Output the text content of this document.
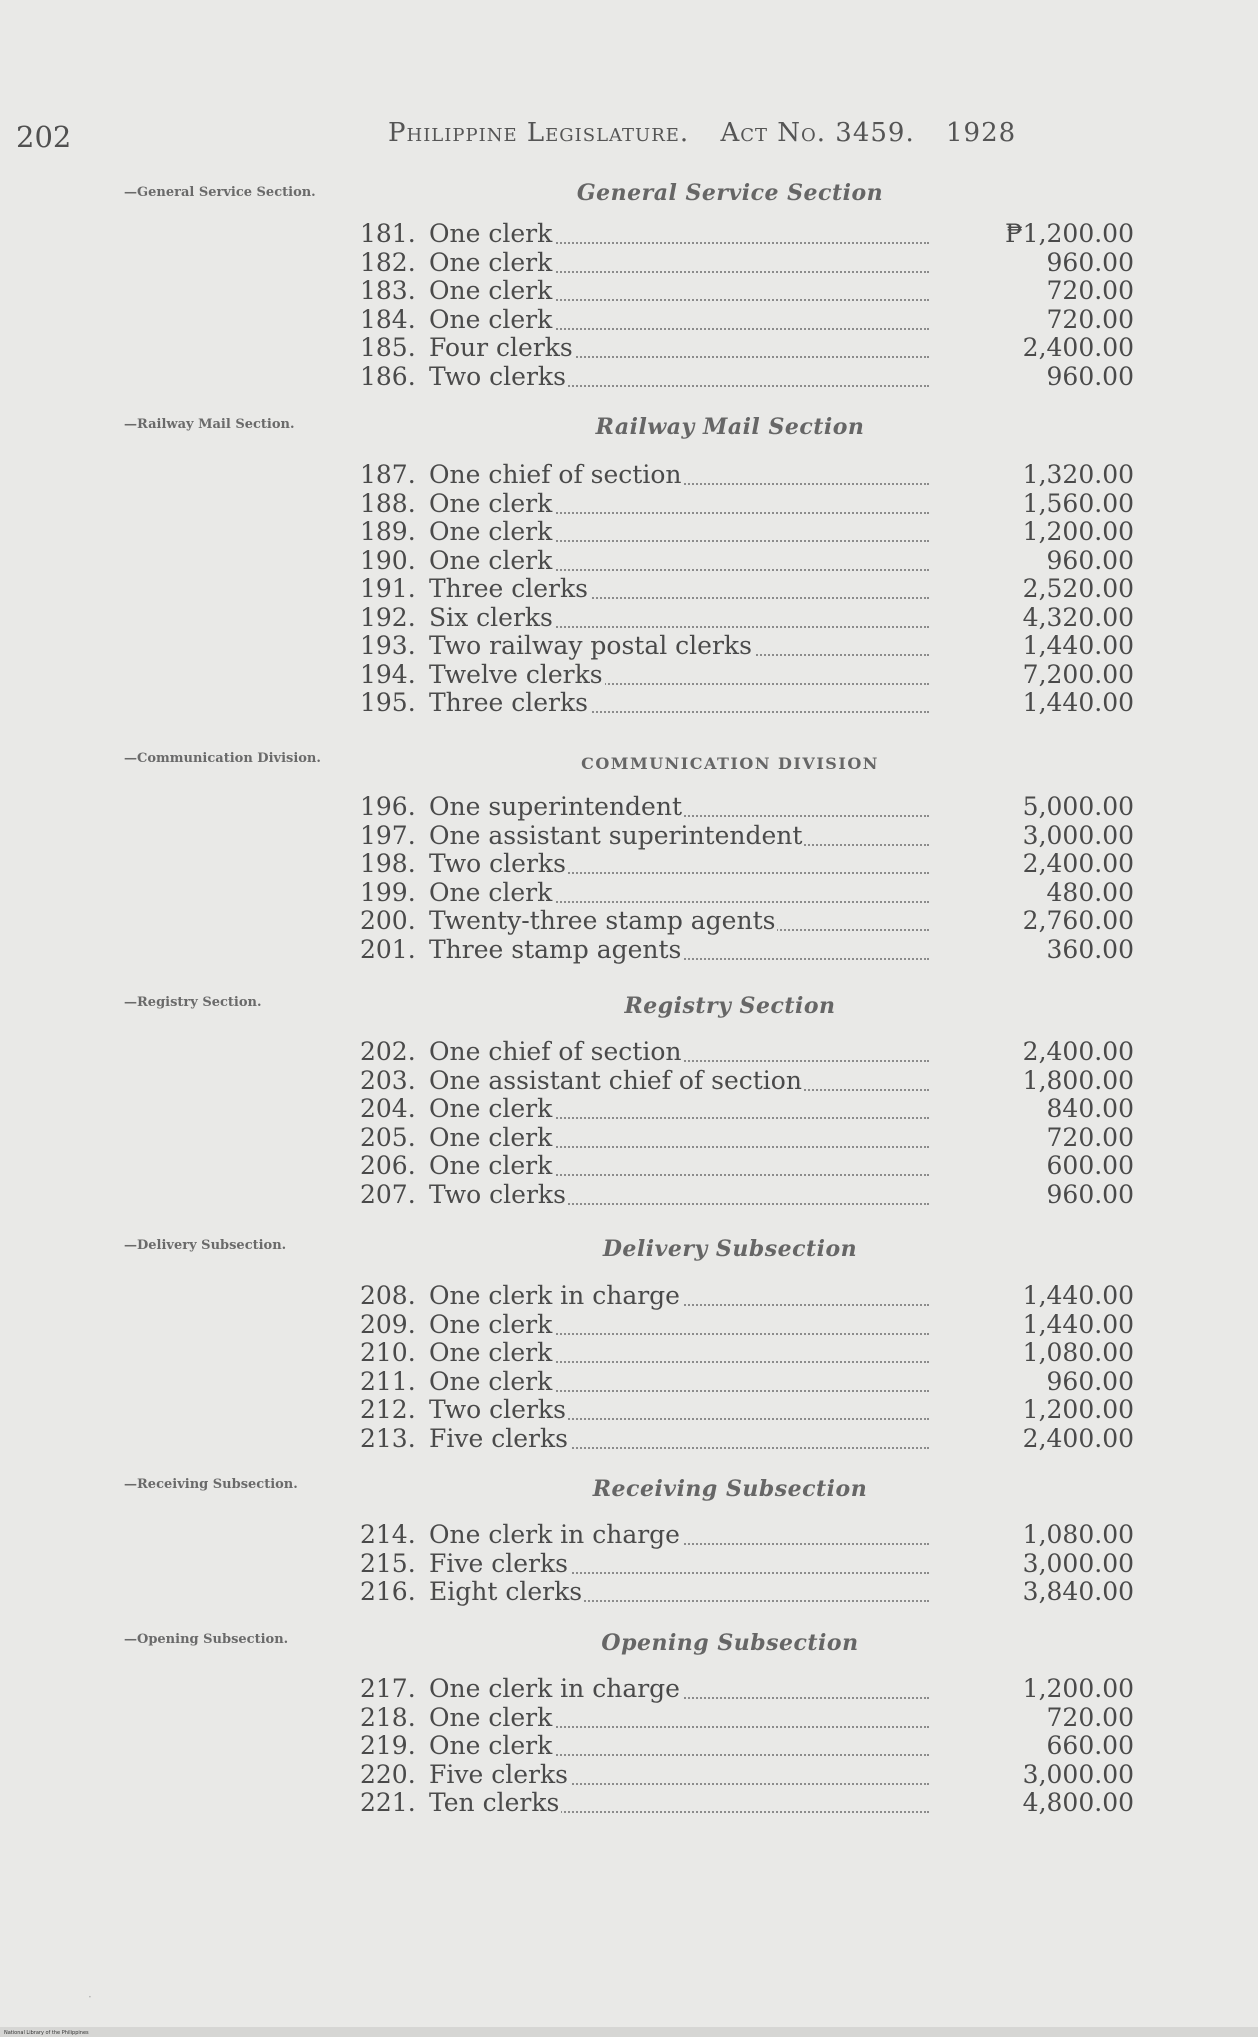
202	Philippine Legislature. Act No. 3459. 1928
—General Service Section.	General Service Section
181. One clerk	₱1,200.00
182. One clerk	960.00
183. One clerk	720.00
184. One clerk	720.00
185. Four clerks	2,400.00
186. Two clerks	960.00
—Railway Mail Section.	Railway Mail Section
187. One chief of section	1,320.00
188. One clerk	1,560.00
189. One clerk	1,200.00
190. One clerk	960.00
191. Three clerks	2,520.00
192. Six clerks	4,320.00
193. Two railway postal clerks	1,440.00
194. Twelve clerks	7,200.00
195. Three clerks	1,440.00
—Communication Division.	COMMUNICATION DIVISION
196. One superintendent	5,000.00
197. One assistant superintendent	3,000.00
198. Two clerks	2,400.00
199. One clerk	480.00
200. Twenty-three stamp agents	2,760.00
201. Three stamp agents	360.00
—Registry Section.	Registry Section
202. One chief of section	2,400.00
203. One assistant chief of section	1,800.00
204. One clerk	840.00
205. One clerk	720.00
206. One clerk	600.00
207. Two clerks	960.00
—Delivery Subsection.	Delivery Subsection
208. One clerk in charge	1,440.00
209. One clerk	1,440.00
210. One clerk	1,080.00
211. One clerk	960.00
212. Two clerks	1,200.00
213. Five clerks	2,400.00
—Receiving Subsection.	Receiving Subsection
214. One clerk in charge	1,080.00
215. Five clerks	3,000.00
216. Eight clerks	3,840.00
—Opening Subsection.	Opening Subsection
217. One clerk in charge	1,200.00
218. One clerk	720.00
219. One clerk	660.00
220. Five clerks	3,000.00
221. Ten clerks	4,800.00
·
National Library of the Philippines
